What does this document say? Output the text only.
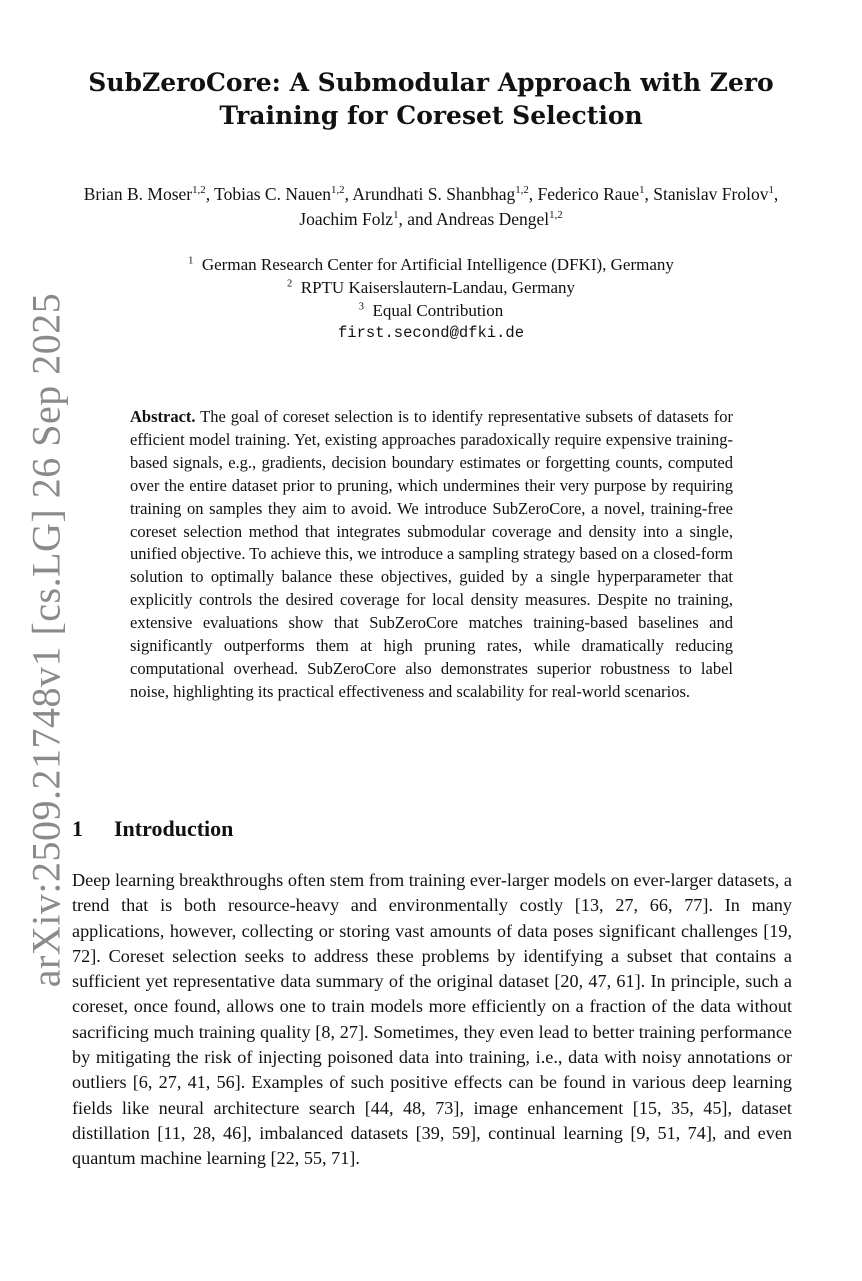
arXiv:2509.21748v1 [cs.LG] 26 Sep 2025
SubZeroCore: A Submodular Approach with Zero Training for Coreset Selection
Brian B. Moser$^{1,2}$, Tobias C. Nauen$^{1,2}$, Arundhati S. Shanbhag$^{1,2}$, Federico Raue$^1$, Stanislav Frolov$^1$, Joachim Folz$^1$, and Andreas Dengel$^{1,2}$
$^1$ German Research Center for Artificial Intelligence (DFKI), Germany
$^2$ RPTU Kaiserslautern-Landau, Germany
$^3$ Equal Contribution
first.second@dfki.de
Abstract. The goal of coreset selection is to identify representative subsets of datasets for efficient model training. Yet, existing approaches paradoxically require expensive training-based signals, e.g., gradients, decision boundary estimates or forgetting counts, computed over the entire dataset prior to pruning, which undermines their very purpose by requiring training on samples they aim to avoid. We introduce SubZeroCore, a novel, training-free coreset selection method that integrates submodular coverage and density into a single, unified objective. To achieve this, we introduce a sampling strategy based on a closed-form solution to optimally balance these objectives, guided by a single hyperparameter that explicitly controls the desired coverage for local density measures. Despite no training, extensive evaluations show that SubZeroCore matches training-based baselines and significantly outperforms them at high pruning rates, while dramatically reducing computational overhead. SubZeroCore also demonstrates superior robustness to label noise, highlighting its practical effectiveness and scalability for real-world scenarios.
1 Introduction

Deep learning breakthroughs often stem from training ever-larger models on ever-larger datasets, a trend that is both resource-heavy and environmentally costly [13, 27, 66, 77]. In many applications, however, collecting or storing vast amounts of data poses significant challenges [19, 72]. Coreset selection seeks to address these problems by identifying a subset that contains a sufficient yet representative data summary of the original dataset [20, 47, 61]. In principle, such a coreset, once found, allows one to train models more efficiently on a fraction of the data without sacrificing much training quality [8, 27]. Sometimes, they even lead to better training performance by mitigating the risk of injecting poisoned data into training, i.e., data with noisy annotations or outliers [6, 27, 41, 56]. Examples of such positive effects can be found in various deep learning fields like neural architecture search [44, 48, 73], image enhancement [15, 35, 45], dataset distillation [11, 28, 46], imbalanced datasets [39, 59], continual learning [9, 51, 74], and even quantum machine learning [22, 55, 71].
